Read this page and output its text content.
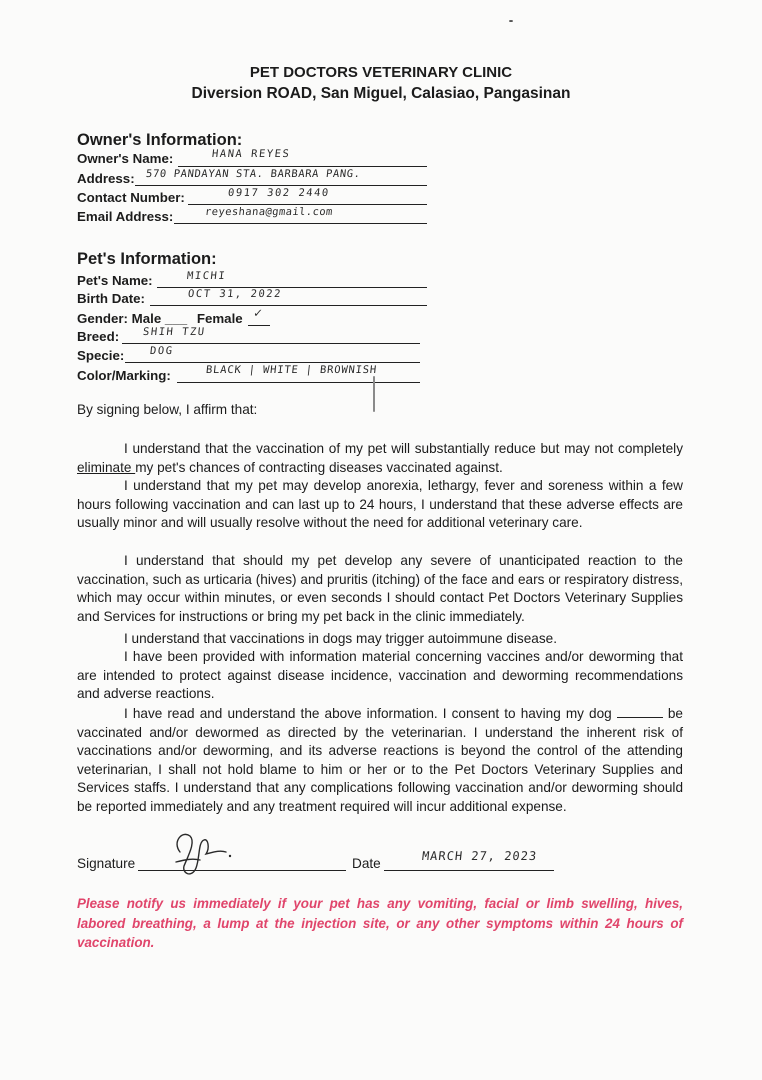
PET DOCTORS VETERINARY CLINIC
Diversion ROAD, San Miguel, Calasiao, Pangasinan
Owner's Information:
Owner's Name:	HANA REYES
Address: 570 PANDAYAN STA. BARBARA PANG.
Contact Number:	0917 302 2440
Email Address:	reyeshana@gmail.com
Pet's Information:
Pet's Name:	MICHI
Birth Date:	OCT 31, 2022
Gender: Male ___ Female ✓
Breed: SHIH TZU
Specie: DOG
Color/Marking:	BLACK | WHITE | BROWNISH
By signing below, I affirm that:
I understand that the vaccination of my pet will substantially reduce but may not completely eliminate my pet's chances of contracting diseases vaccinated against.
I understand that my pet may develop anorexia, lethargy, fever and soreness within a few hours following vaccination and can last up to 24 hours, I understand that these adverse effects are usually minor and will usually resolve without the need for additional veterinary care.
I understand that should my pet develop any severe of unanticipated reaction to the vaccination, such as urticaria (hives) and pruritis (itching) of the face and ears or respiratory distress, which may occur within minutes, or even seconds I should contact Pet Doctors Veterinary Supplies and Services for instructions or bring my pet back in the clinic immediately.
I understand that vaccinations in dogs may trigger autoimmune disease.
I have been provided with information material concerning vaccines and/or deworming that are intended to protect against disease incidence, vaccination and deworming recommendations and adverse reactions.
I have read and understand the above information. I consent to having my dog	be vaccinated and/or dewormed as directed by the veterinarian. I understand the inherent risk of vaccinations and/or deworming, and its adverse reactions is beyond the control of the attending veterinarian, I shall not hold blame to him or her or to the Pet Doctors Veterinary Supplies and Services staffs. I understand that any complications following vaccination and/or deworming should be reported immediately and any treatment required will incur additional expense.
Signature	Date	MARCH 27, 2023
Please notify us immediately if your pet has any vomiting, facial or limb swelling, hives, labored breathing, a lump at the injection site, or any other symptoms within 24 hours of vaccination.
